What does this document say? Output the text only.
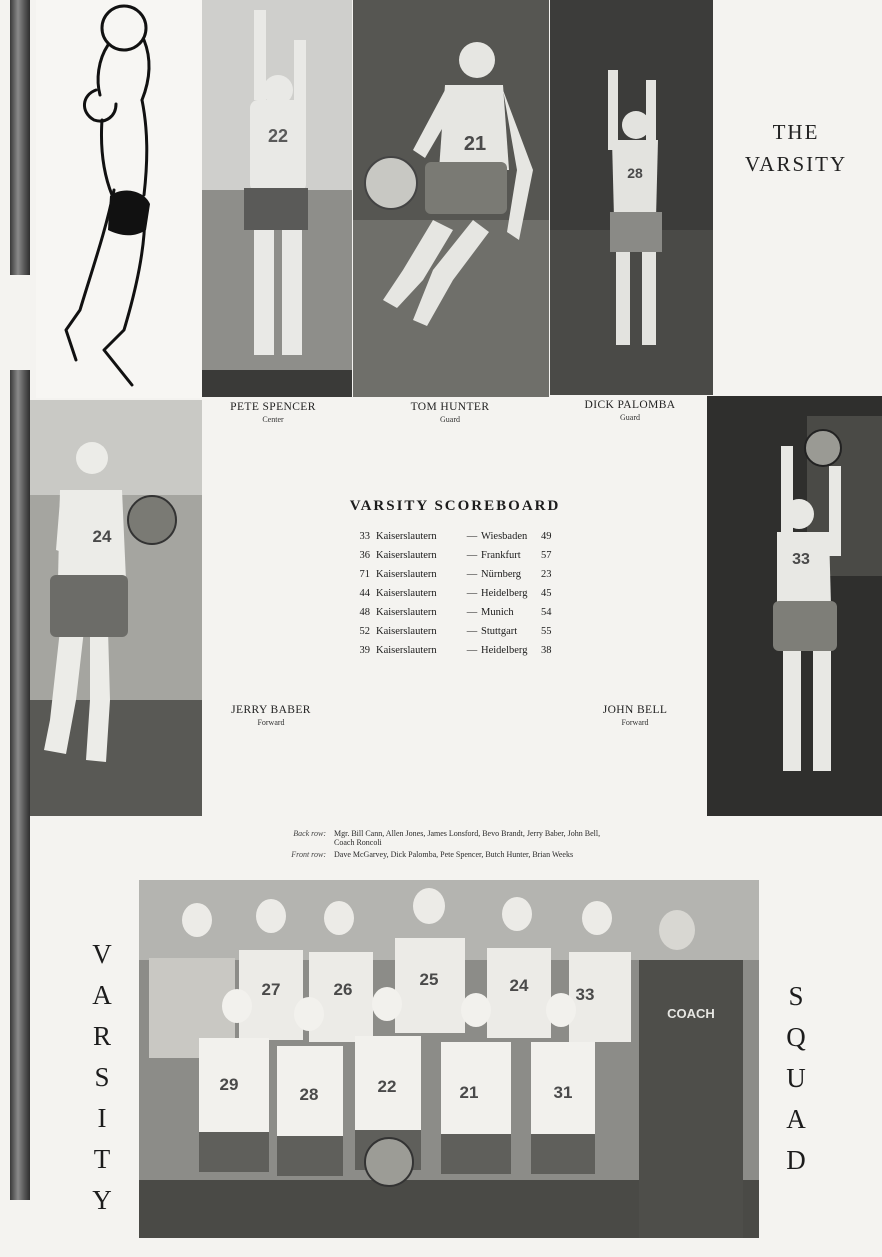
22	21
28
THE
VARSITY
PETE SPENCER
Center
TOM HUNTER
Guard
DICK PALOMBA
Guard
24
33
VARSITY SCOREBOARD
33 Kaiserslautern	— Wiesbaden	49
36 Kaiserslautern	— Frankfurt	57
71 Kaiserslautern	— Nürnberg	23
44 Kaiserslautern	— Heidelberg	45
48 Kaiserslautern	— Munich	54
52 Kaiserslautern	— Stuttgart	55
39 Kaiserslautern	— Heidelberg	38
JERRY BABER
Forward
JOHN BELL
Forward
Back row:	Mgr. Bill Cann, Allen Jones, James Lonsford, Bevo Brandt, Jerry Baber, John Bell, Coach Roncoli
Front row:	Dave McGarvey, Dick Palomba, Pete Spencer, Butch Hunter, Brian Weeks
COACH
27	26
25	24	33
29
28	22	21	31
V
A
R
S
I
T
Y
S
Q
U
A
D
